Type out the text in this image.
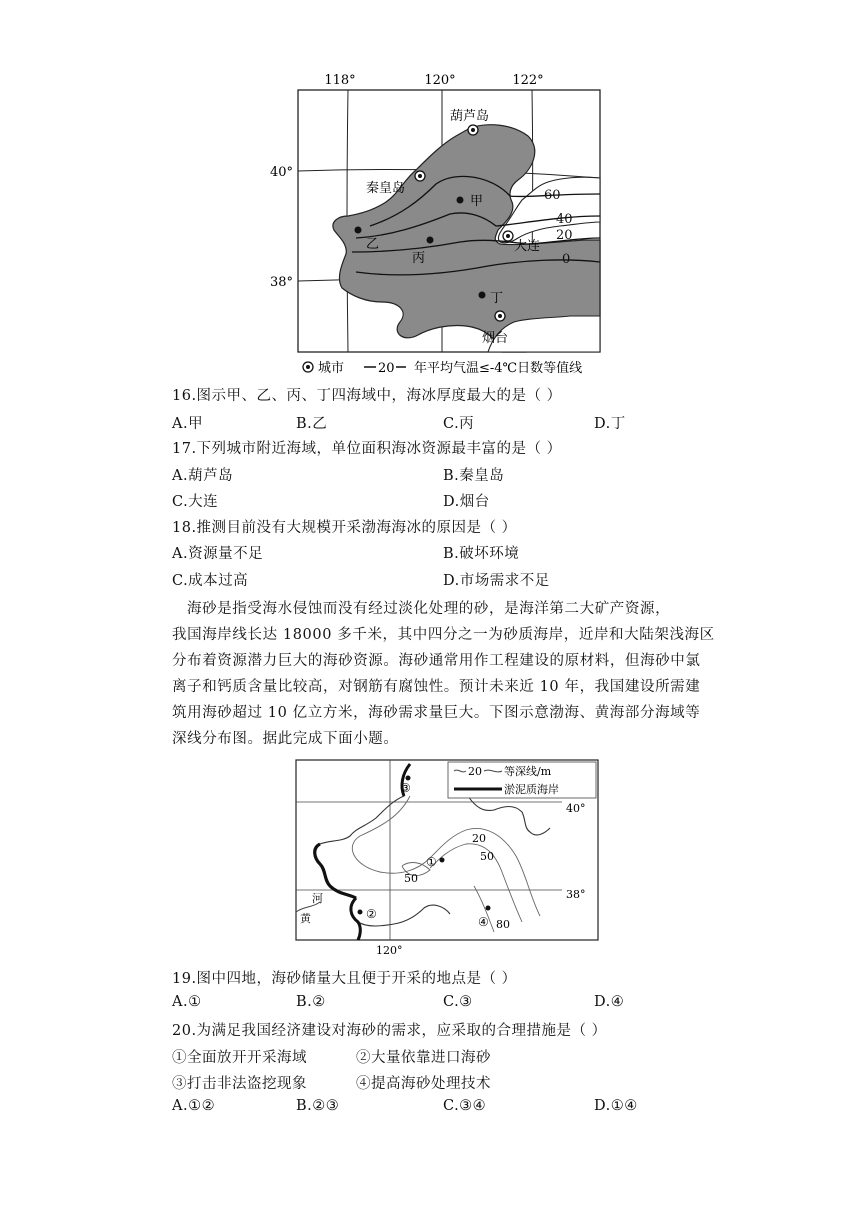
118°	120°	122°
40°
38°
60
40
20
0
葫芦岛
秦皇岛
大连
烟台
甲
乙
丙
丁
城市	20 年平均气温≤-4℃日数等值线
16.图示甲、乙、丙、丁四海域中，海冰厚度最大的是（ ）
A.甲	B.乙	C.丙	D.丁
17.下列城市附近海域，单位面积海冰资源最丰富的是（ ）
A.葫芦岛	B.秦皇岛
C.大连	D.烟台
18.推测目前没有大规模开采渤海海冰的原因是（ ）
A.资源量不足	B.破坏环境
C.成本过高	D.市场需求不足
海砂是指受海水侵蚀而没有经过淡化处理的砂，是海洋第二大矿产资源，
我国海岸线长达 18000 多千米，其中四分之一为砂质海岸，近岸和大陆架浅海区
分布着资源潜力巨大的海砂资源。海砂通常用作工程建设的原材料，但海砂中氯
离子和钙质含量比较高，对钢筋有腐蚀性。预计未来近 10 年，我国建设所需建
筑用海砂超过 10 亿立方米，海砂需求量巨大。下图示意渤海、黄海部分海域等
深线分布图。据此完成下面小题。
20 等深线/m
淤泥质海岸
40°
38°
120°
20
50
50
80
①
②
③
④
河
黄
19.图中四地，海砂储量大且便于开采的地点是（ ）
A.①	B.②	C.③	D.④
20.为满足我国经济建设对海砂的需求，应采取的合理措施是（ ）
①全面放开开采海域	②大量依靠进口海砂
③打击非法盗挖现象	④提高海砂处理技术
A.①②	B.②③	C.③④	D.①④
